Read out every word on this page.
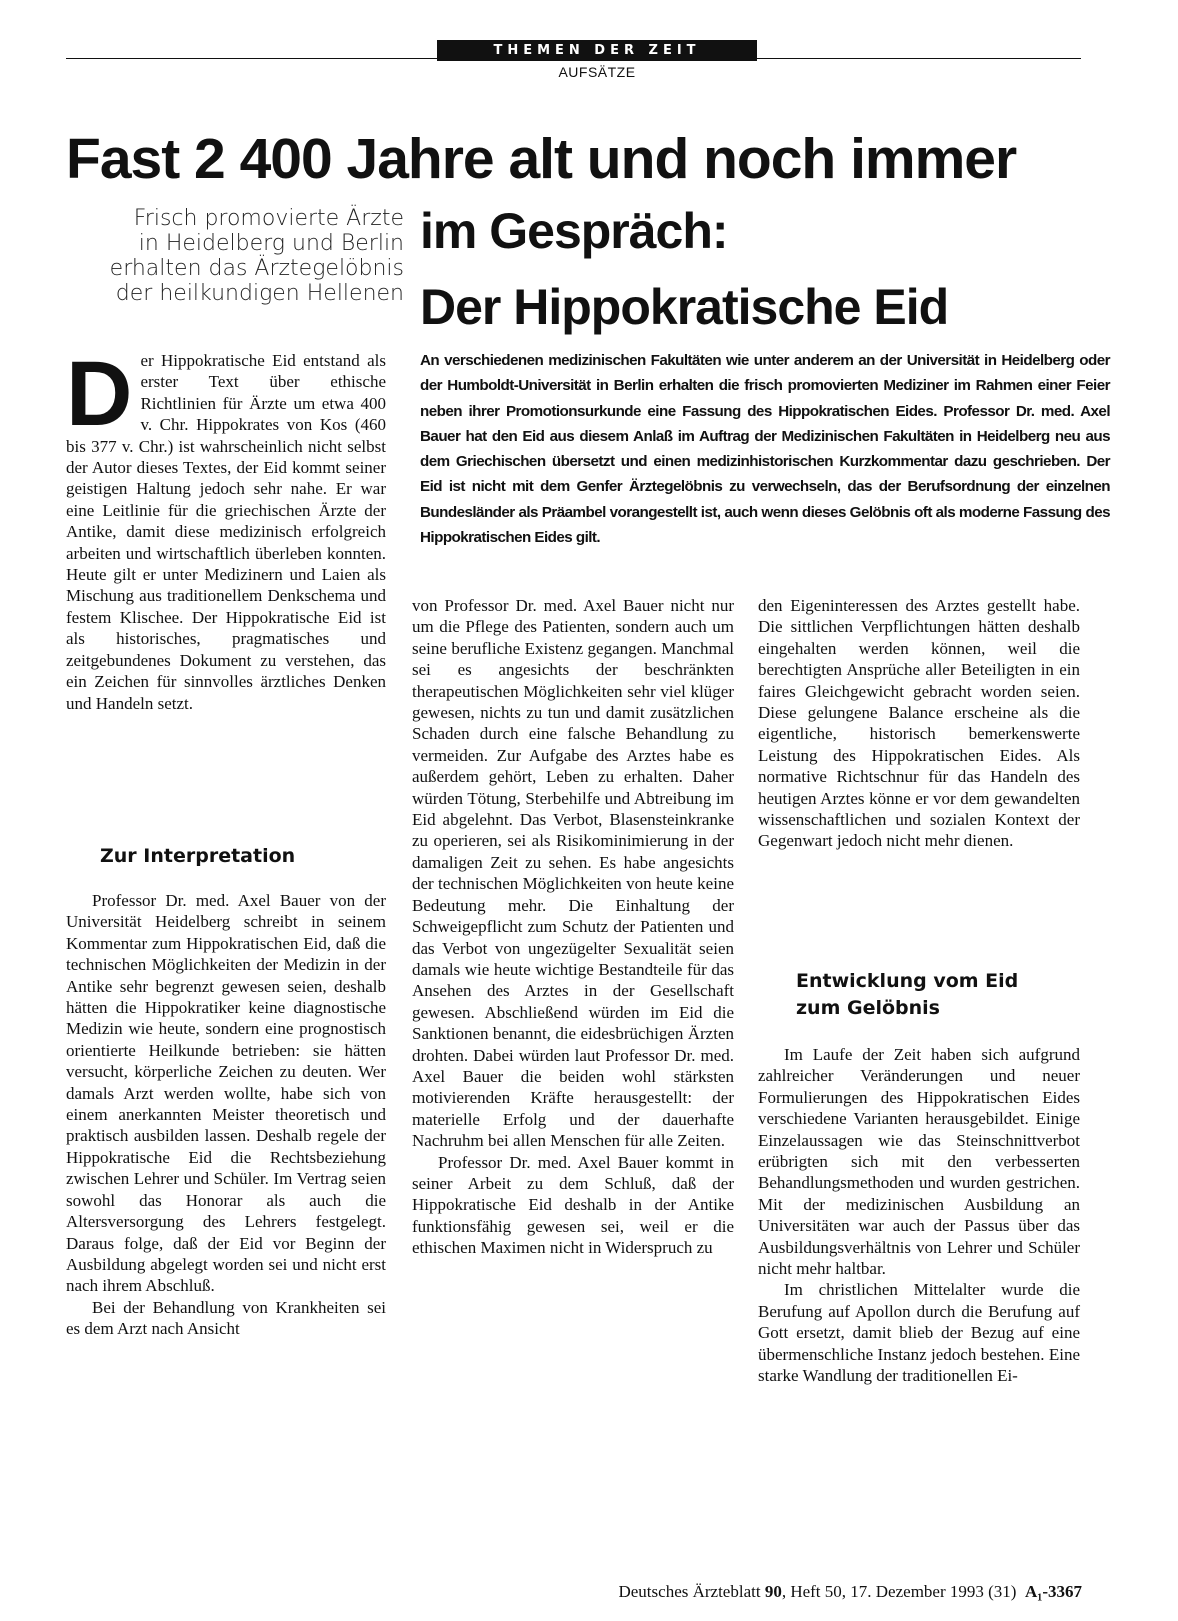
THEMEN DER ZEIT
AUFSÄTZE
Fast 2 400 Jahre alt und noch immer
im Gespräch:
Der Hippokratische Eid
Frisch promovierte Ärzte
in Heidelberg und Berlin
erhalten das Ärztegelöbnis
der heilkundigen Hellenen
An verschiedenen medizinischen Fakultäten wie unter anderem an der Universität in Heidelberg oder der Humboldt-Universität in Berlin erhalten die frisch promovierten Mediziner im Rahmen einer Feier neben ihrer Promotionsurkunde eine Fassung des Hippokratischen Eides. Professor Dr. med. Axel Bauer hat den Eid aus diesem Anlaß im Auftrag der Medizinischen Fakultäten in Heidelberg neu aus dem Griechischen übersetzt und einen medizinhistorischen Kurzkommentar dazu geschrieben. Der Eid ist nicht mit dem Genfer Ärztegelöbnis zu verwechseln, das der Berufsordnung der einzelnen Bundesländer als Präambel vorangestellt ist, auch wenn dieses Gelöbnis oft als moderne Fassung des Hippokratischen Eides gilt.
D er Hippokratische Eid entstand als erster Text über ethische Richtlinien für Ärzte um etwa 400 v. Chr. Hippokrates von Kos (460 bis 377 v. Chr.) ist wahrscheinlich nicht selbst der Autor dieses Textes, der Eid kommt seiner geistigen Haltung jedoch sehr nahe. Er war eine Leitlinie für die griechischen Ärzte der Antike, damit diese medizinisch erfolgreich arbeiten und wirtschaftlich überleben konnten. Heute gilt er unter Medizinern und Laien als Mischung aus traditionellem Denkschema und festem Klischee. Der Hippokratische Eid ist als historisches, pragmatisches und zeitgebundenes Dokument zu verstehen, das ein Zeichen für sinnvolles ärztliches Denken und Handeln setzt.

Zur Interpretation

Professor Dr. med. Axel Bauer von der Universität Heidelberg schreibt in seinem Kommentar zum Hippokratischen Eid, daß die technischen Möglichkeiten der Medizin in der Antike sehr begrenzt gewesen seien, deshalb hätten die Hippokratiker keine diagnostische Medizin wie heute, sondern eine prognostisch orientierte Heilkunde betrieben: sie hätten versucht, körperliche Zeichen zu deuten. Wer damals Arzt werden wollte, habe sich von einem anerkannten Meister theoretisch und praktisch ausbilden lassen. Deshalb regele der Hippokratische Eid die Rechtsbeziehung zwischen Lehrer und Schüler. Im Vertrag seien sowohl das Honorar als auch die Altersversorgung des Lehrers festgelegt. Daraus folge, daß der Eid vor Beginn der Ausbildung abgelegt worden sei und nicht erst nach ihrem Abschluß.

Bei der Behandlung von Krankheiten sei es dem Arzt nach Ansicht

von Professor Dr. med. Axel Bauer nicht nur um die Pflege des Patienten, sondern auch um seine berufliche Existenz gegangen. Manchmal sei es angesichts der beschränkten therapeutischen Möglichkeiten sehr viel klüger gewesen, nichts zu tun und damit zusätzlichen Schaden durch eine falsche Behandlung zu vermeiden. Zur Aufgabe des Arztes habe es außerdem gehört, Leben zu erhalten. Daher würden Tötung, Sterbehilfe und Abtreibung im Eid abgelehnt. Das Verbot, Blasensteinkranke zu operieren, sei als Risikominimierung in der damaligen Zeit zu sehen. Es habe angesichts der technischen Möglichkeiten von heute keine Bedeutung mehr. Die Einhaltung der Schweigepflicht zum Schutz der Patienten und das Verbot von ungezügelter Sexualität seien damals wie heute wichtige Bestandteile für das Ansehen des Arztes in der Gesellschaft gewesen. Abschließend würden im Eid die Sanktionen benannt, die eidesbrüchigen Ärzten drohten. Dabei würden laut Professor Dr. med. Axel Bauer die beiden wohl stärksten motivierenden Kräfte herausgestellt: der materielle Erfolg und der dauerhafte Nachruhm bei allen Menschen für alle Zeiten.

Professor Dr. med. Axel Bauer kommt in seiner Arbeit zu dem Schluß, daß der Hippokratische Eid deshalb in der Antike funktionsfähig gewesen sei, weil er die ethischen Maximen nicht in Widerspruch zu

den Eigeninteressen des Arztes gestellt habe. Die sittlichen Verpflichtungen hätten deshalb eingehalten werden können, weil die berechtigten Ansprüche aller Beteiligten in ein faires Gleichgewicht gebracht worden seien. Diese gelungene Balance erscheine als die eigentliche, historisch bemerkenswerte Leistung des Hippokratischen Eides. Als normative Richtschnur für das Handeln des heutigen Arztes könne er vor dem gewandelten wissenschaftlichen und sozialen Kontext der Gegenwart jedoch nicht mehr dienen.

Entwicklung vom Eid
zum Gelöbnis

Im Laufe der Zeit haben sich aufgrund zahlreicher Veränderungen und neuer Formulierungen des Hippokratischen Eides verschiedene Varianten herausgebildet. Einige Einzelaussagen wie das Steinschnittverbot erübrigten sich mit den verbesserten Behandlungsmethoden und wurden gestrichen. Mit der medizinischen Ausbildung an Universitäten war auch der Passus über das Ausbildungsverhältnis von Lehrer und Schüler nicht mehr haltbar.

Im christlichen Mittelalter wurde die Berufung auf Apollon durch die Berufung auf Gott ersetzt, damit blieb der Bezug auf eine übermenschliche Instanz jedoch bestehen. Eine starke Wandlung der traditionellen Ei-

Deutsches Ärzteblatt 90, Heft 50, 17. Dezember 1993 (31) A₁-3367
